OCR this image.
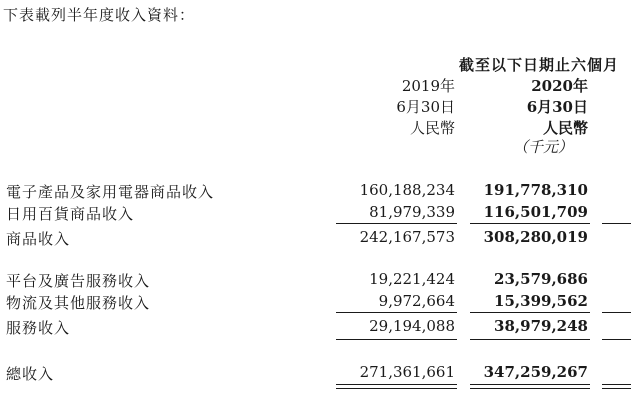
下表載列半年度收入資料：
截至以下日期止六個月
2019年
6月30日
人民幣
2020年
6月30日
人民幣
（千元）
電子產品及家用電器商品收入	160,188,234 191,778,310
日用百貨商品收入	81,979,339 116,501,709
商品收入	242,167,573 308,280,019
平台及廣告服務收入	19,221,424	23,579,686
物流及其他服務收入	9,972,664	15,399,562
服務收入	29,194,088	38,979,248
總收入	271,361,661 347,259,267
